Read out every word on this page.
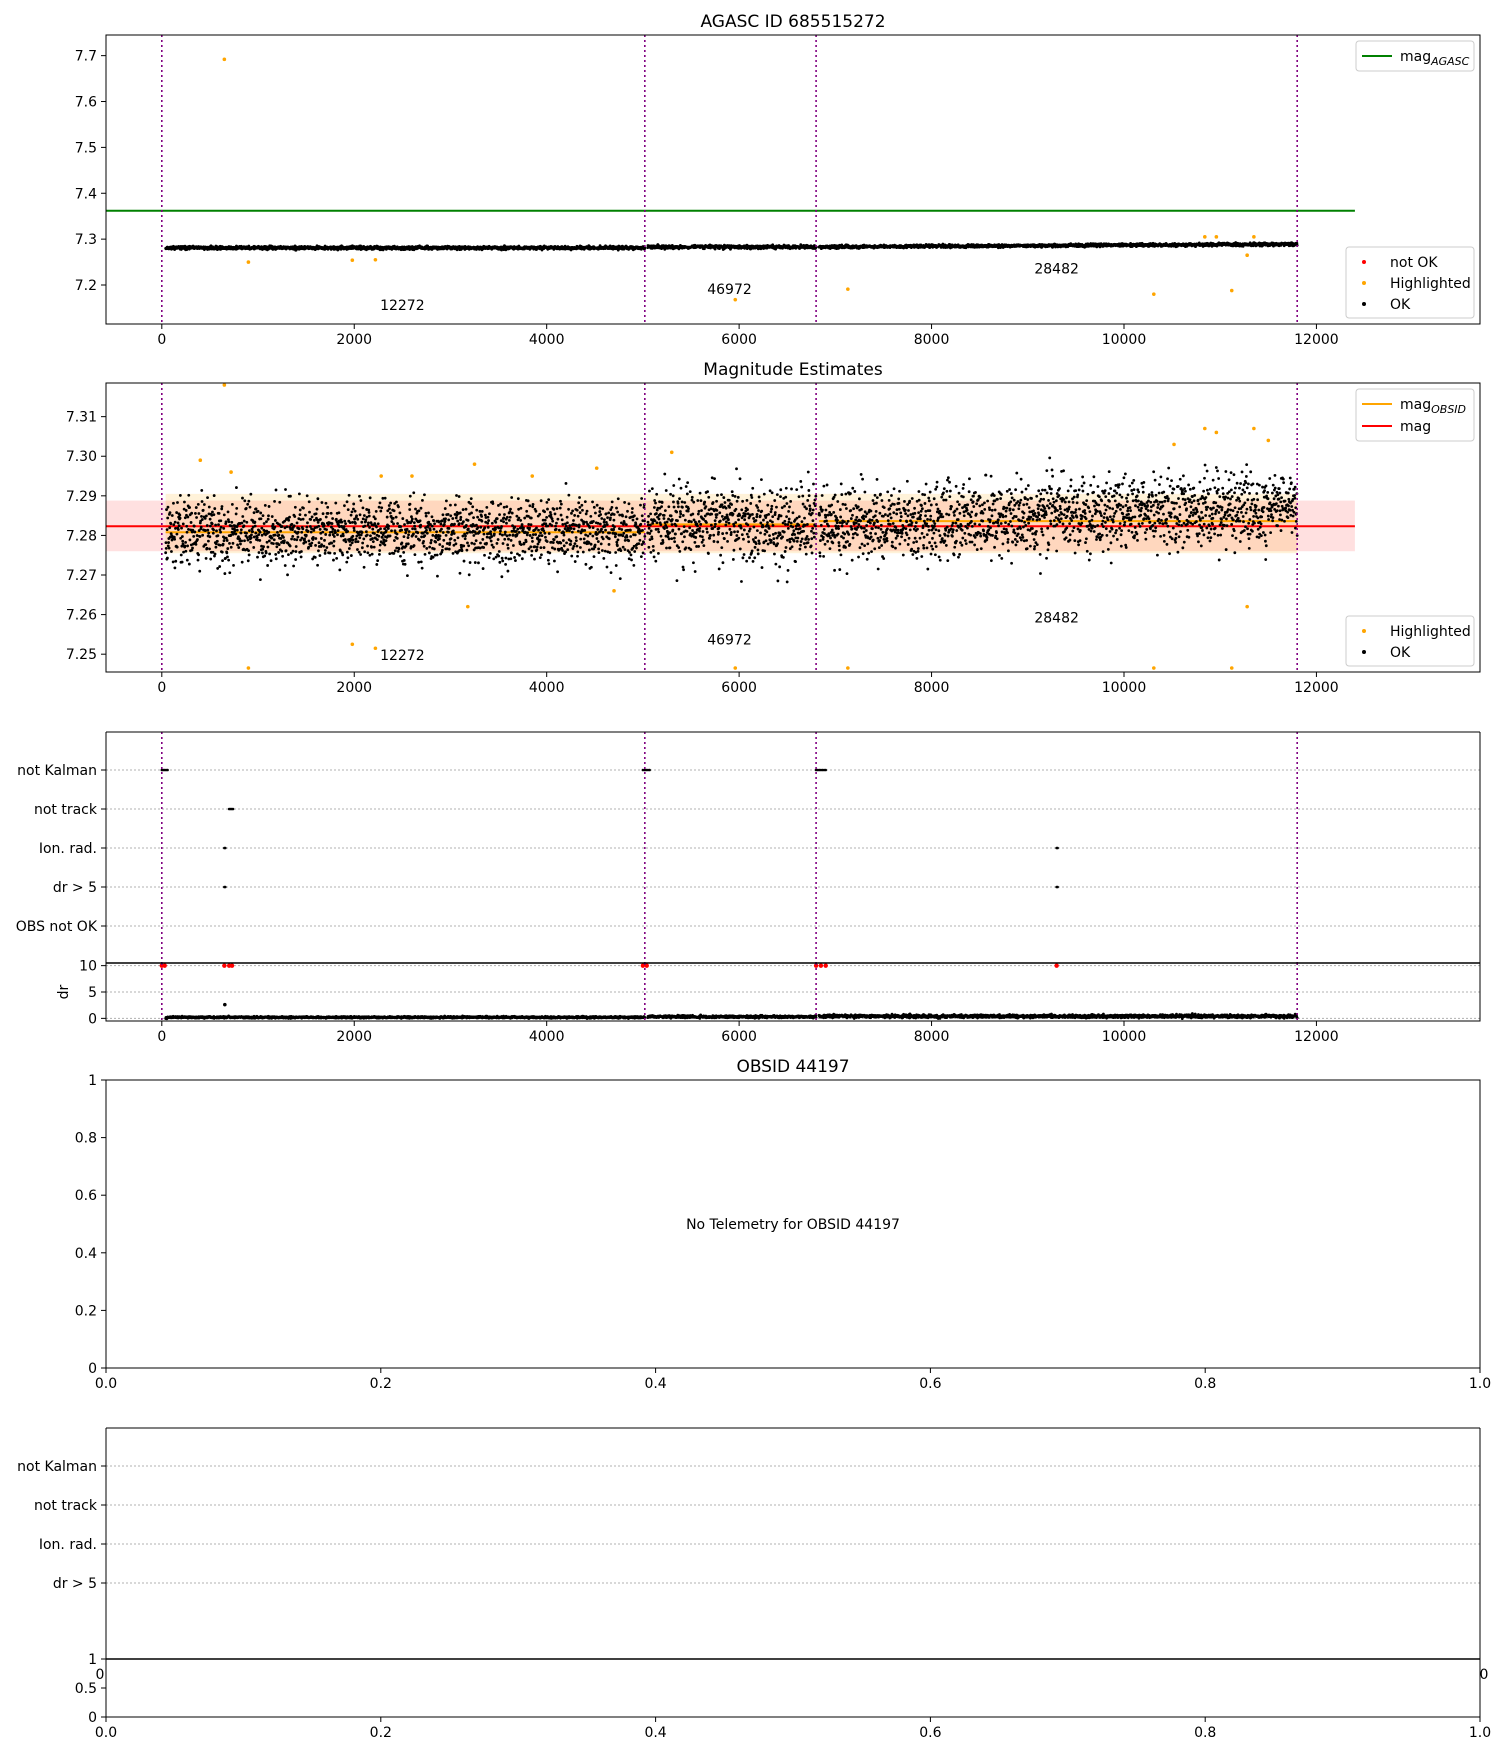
12272
46972
28482
0	2000	4000	6000	8000	10000	12000
7.2
7.3
7.4
7.5
7.6
7.7	mag$_{AGASC}$
not OK
Highlighted
OK
AGASC ID 685515272
12272
46972
28482
0	2000	4000	6000	8000	10000	12000
7.25
7.26
7.27
7.28
7.29
7.30
7.31
mag$_{OBSID}$
mag
Highlighted
OK
Magnitude Estimates
not Kalman
not track
Ion. rad.
dr > 5
OBS not OK
0	2000	4000	6000	8000	10000	12000
0
5
10
dr
0.0	0.2	0.4	0.6	0.8	1.0
0
0.2
0.4
0.6
0.8
1
No Telemetry for OBSID 44197
OBSID 44197
not Kalman
not track
Ion. rad.
dr > 5
0	0
0.0	0.2	0.4	0.6	0.8	1.0
0
0.5
1
